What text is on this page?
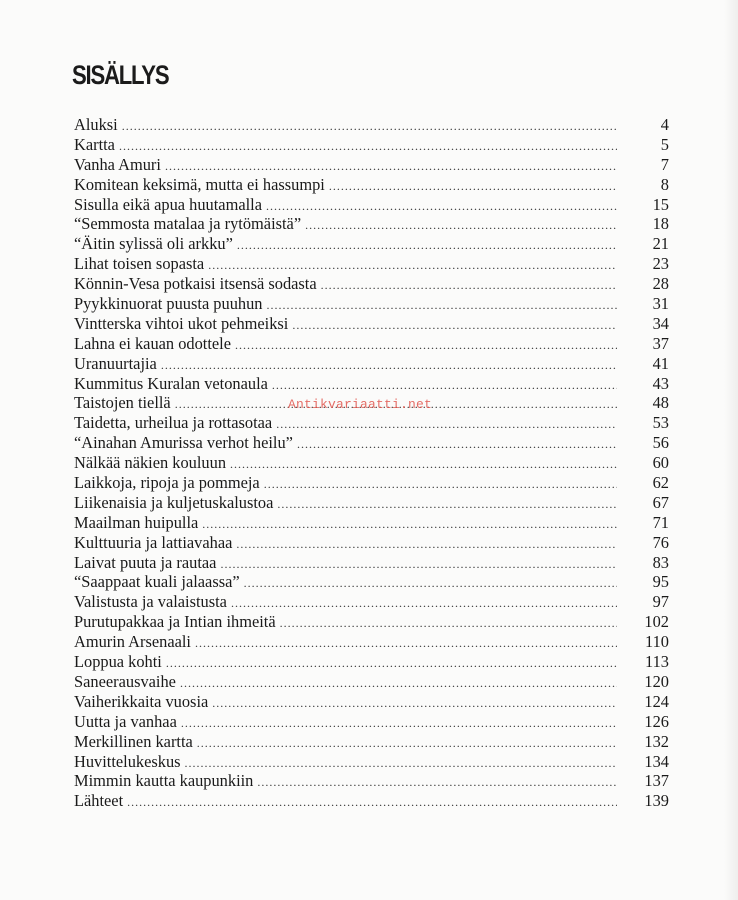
SISÄLLYS
Aluksi .....	4
Kartta .....	5
Vanha Amuri .....	7
Komitean keksimä, mutta ei hassumpi .....	8
Sisulla eikä apua huutamalla .....	15
“Semmosta matalaa ja rytömäistä” .....	18
“Äitin sylissä oli arkku” .....	21
Lihat toisen sopasta .....	23
Könnin-Vesa potkaisi itsensä sodasta .....	28
Pyykkinuorat puusta puuhun .....	31
Vintterska vihtoi ukot pehmeiksi .....	34
Lahna ei kauan odottele .....	37
Uranuurtajia .....	41
Kummitus Kuralan vetonaula .....	43
Taistojen tiellä .....	48
Taidetta, urheilua ja rottasotaa .....	53
“Ainahan Amurissa verhot heilu” .....	56
Nälkää näkien kouluun .....	60
Laikkoja, ripoja ja pommeja .....	62
Liikenaisia ja kuljetuskalustoa .....	67
Maailman huipulla .....	71
Kulttuuria ja lattiavahaa .....	76
Laivat puuta ja rautaa .....	83
“Saappaat kuali jalaassa” .....	95
Valistusta ja valaistusta .....	97
Purutupakkaa ja Intian ihmeitä .....	102
Amurin Arsenaali .....	110
Loppua kohti .....	113
Saneerausvaihe .....	120
Vaiherikkaita vuosia .....	124
Uutta ja vanhaa .....	126
Merkillinen kartta .....	132
Huvittelukeskus .....	134
Mimmin kautta kaupunkiin .....	137
Lähteet .....	139
Antikvariaatti.net
